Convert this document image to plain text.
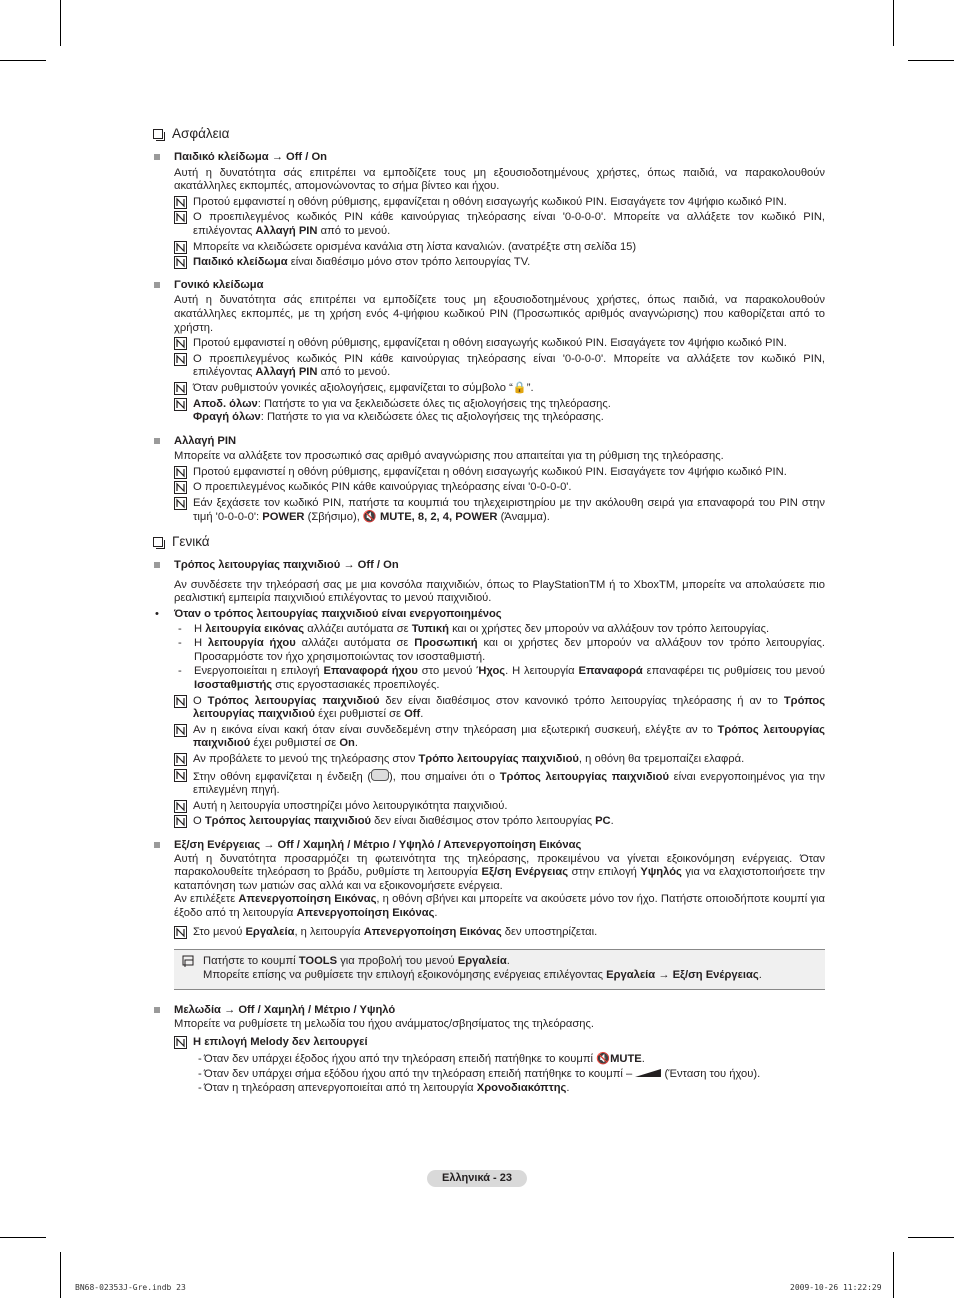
Ασφάλεια
Παιδικό κλείδωμα → Off / On
Αυτή η δυνατότητα σάς επιτρέπει να εμποδίζετε τους μη εξουσιοδοτημένους χρήστες, όπως παιδιά, να παρακολουθούν ακατάλληλες εκπομπές, απομονώνοντας το σήμα βίντεο και ήχου.
Προτού εμφανιστεί η οθόνη ρύθμισης, εμφανίζεται η οθόνη εισαγωγής κωδικού PIN. Εισαγάγετε τον 4ψήφιο κωδικό PIN.
Ο προεπιλεγμένος κωδικός PIN κάθε καινούργιας τηλεόρασης είναι '0-0-0-0'. Μπορείτε να αλλάξετε τον κωδικό PIN, επιλέγοντας Αλλαγή PIN από το μενού.
Μπορείτε να κλειδώσετε ορισμένα κανάλια στη λίστα καναλιών. (ανατρέξτε στη σελίδα 15)
Παιδικό κλείδωμα είναι διαθέσιμο μόνο στον τρόπο λειτουργίας TV.
Γονικό κλείδωμα
Αυτή η δυνατότητα σάς επιτρέπει να εμποδίζετε τους μη εξουσιοδοτημένους χρήστες, όπως παιδιά, να παρακολουθούν ακατάλληλες εκπομπές, με τη χρήση ενός 4-ψήφιου κωδικού PIN (Προσωπικός αριθμός αναγνώρισης) που καθορίζεται από το χρήστη.
Προτού εμφανιστεί η οθόνη ρύθμισης, εμφανίζεται η οθόνη εισαγωγής κωδικού PIN. Εισαγάγετε τον 4ψήφιο κωδικό PIN.
Ο προεπιλεγμένος κωδικός PIN κάθε καινούργιας τηλεόρασης είναι '0-0-0-0'. Μπορείτε να αλλάξετε τον κωδικό PIN, επιλέγοντας Αλλαγή PIN από το μενού.
Όταν ρυθμιστούν γονικές αξιολογήσεις, εμφανίζεται το σύμβολο “🔒”.
Αποδ. όλων: Πατήστε το για να ξεκλειδώσετε όλες τις αξιολογήσεις της τηλεόρασης.
Φραγή όλων: Πατήστε το για να κλειδώσετε όλες τις αξιολογήσεις της τηλεόρασης.
Αλλαγή PIN
Μπορείτε να αλλάξετε τον προσωπικό σας αριθμό αναγνώρισης που απαιτείται για τη ρύθμιση της τηλεόρασης.
Προτού εμφανιστεί η οθόνη ρύθμισης, εμφανίζεται η οθόνη εισαγωγής κωδικού PIN. Εισαγάγετε τον 4ψήφιο κωδικό PIN.
Ο προεπιλεγμένος κωδικός PIN κάθε καινούργιας τηλεόρασης είναι '0-0-0-0'.
Εάν ξεχάσετε τον κωδικό PIN, πατήστε τα κουμπιά του τηλεχειριστηρίου με την ακόλουθη σειρά για επαναφορά του PIN στην τιμή '0-0-0-0': POWER (Σβήσιμο), 🔇 MUTE, 8, 2, 4, POWER (Άναμμα).
Γενικά
Τρόπος λειτουργίας παιχνιδιού → Off / On
Αν συνδέσετε την τηλεόρασή σας με μια κονσόλα παιχνιδιών, όπως το PlayStationTM ή το XboxTM, μπορείτε να απολαύσετε πιο ρεαλιστική εμπειρία παιχνιδιού επιλέγοντας το μενού παιχνιδιού.
•	Όταν ο τρόπος λειτουργίας παιχνιδιού είναι ενεργοποιημένος
-	Η λειτουργία εικόνας αλλάζει αυτόματα σε Τυπική και οι χρήστες δεν μπορούν να αλλάξουν τον τρόπο λειτουργίας.
-	Η λειτουργία ήχου αλλάζει αυτόματα σε Προσωπική και οι χρήστες δεν μπορούν να αλλάξουν τον τρόπο λειτουργίας. Προσαρμόστε τον ήχο χρησιμοποιώντας τον ισοσταθμιστή.
-	Ενεργοποιείται η επιλογή Επαναφορά ήχου στο μενού Ήχος. Η λειτουργία Επαναφορά επαναφέρει τις ρυθμίσεις του μενού Ισοσταθμιστής στις εργοστασιακές προεπιλογές.
Ο Τρόπος λειτουργίας παιχνιδιού δεν είναι διαθέσιμος στον κανονικό τρόπο λειτουργίας τηλεόρασης ή αν το Τρόπος λειτουργίας παιχνιδιού έχει ρυθμιστεί σε Off.
Αν η εικόνα είναι κακή όταν είναι συνδεδεμένη στην τηλεόραση μια εξωτερική συσκευή, ελέγξτε αν το Τρόπος λειτουργίας παιχνιδιού έχει ρυθμιστεί σε On.
Αν προβάλετε το μενού της τηλεόρασης στον Τρόπο λειτουργίας παιχνιδιού, η οθόνη θα τρεμοπαίζει ελαφρά.
Στην οθόνη εμφανίζεται η ένδειξη ( ), που σημαίνει ότι ο Τρόπος λειτουργίας παιχνιδιού είναι ενεργοποιημένος για την επιλεγμένη πηγή.
Αυτή η λειτουργία υποστηρίζει μόνο λειτουργικότητα παιχνιδιού.
Ο Τρόπος λειτουργίας παιχνιδιού δεν είναι διαθέσιμος στον τρόπο λειτουργίας PC.
Εξ/ση Ενέργειας → Off / Χαμηλή / Μέτριο / Υψηλό / Απενεργοποίηση Εικόνας
Αυτή η δυνατότητα προσαρμόζει τη φωτεινότητα της τηλεόρασης, προκειμένου να γίνεται εξοικονόμηση ενέργειας. Όταν παρακολουθείτε τηλεόραση το βράδυ, ρυθμίστε τη λειτουργία Εξ/ση Ενέργειας στην επιλογή Υψηλός για να ελαχιστοποιήσετε την καταπόνηση των ματιών σας αλλά και να εξοικονομήσετε ενέργεια.
Αν επιλέξετε Απενεργοποίηση Εικόνας, η οθόνη σβήνει και μπορείτε να ακούσετε μόνο τον ήχο. Πατήστε οποιοδήποτε κουμπί για έξοδο από τη λειτουργία Απενεργοποίηση Εικόνας.
Στο μενού Εργαλεία, η λειτουργία Απενεργοποίηση Εικόνας δεν υποστηρίζεται.
Πατήστε το κουμπί TOOLS για προβολή του μενού Εργαλεία.
Μπορείτε επίσης να ρυθμίσετε την επιλογή εξοικονόμησης ενέργειας επιλέγοντας Εργαλεία → Εξ/ση Ενέργειας.
Μελωδία → Off / Χαμηλή / Μέτριο / Υψηλό
Μπορείτε να ρυθμίσετε τη μελωδία του ήχου ανάμματος/σβησίματος της τηλεόρασης.
Η επιλογή Melody δεν λειτουργεί
- Όταν δεν υπάρχει έξοδος ήχου από την τηλεόραση επειδή πατήθηκε το κουμπί 🔇MUTE.
- Όταν δεν υπάρχει σήμα εξόδου ήχου από την τηλεόραση επειδή πατήθηκε το κουμπί –  (Ένταση του ήχου).
- Όταν η τηλεόραση απενεργοποιείται από τη λειτουργία Χρονοδιακόπτης.
Ελληνικά - 23
BN68-02353J-Gre.indb 23	2009-10-26 11:22:29
